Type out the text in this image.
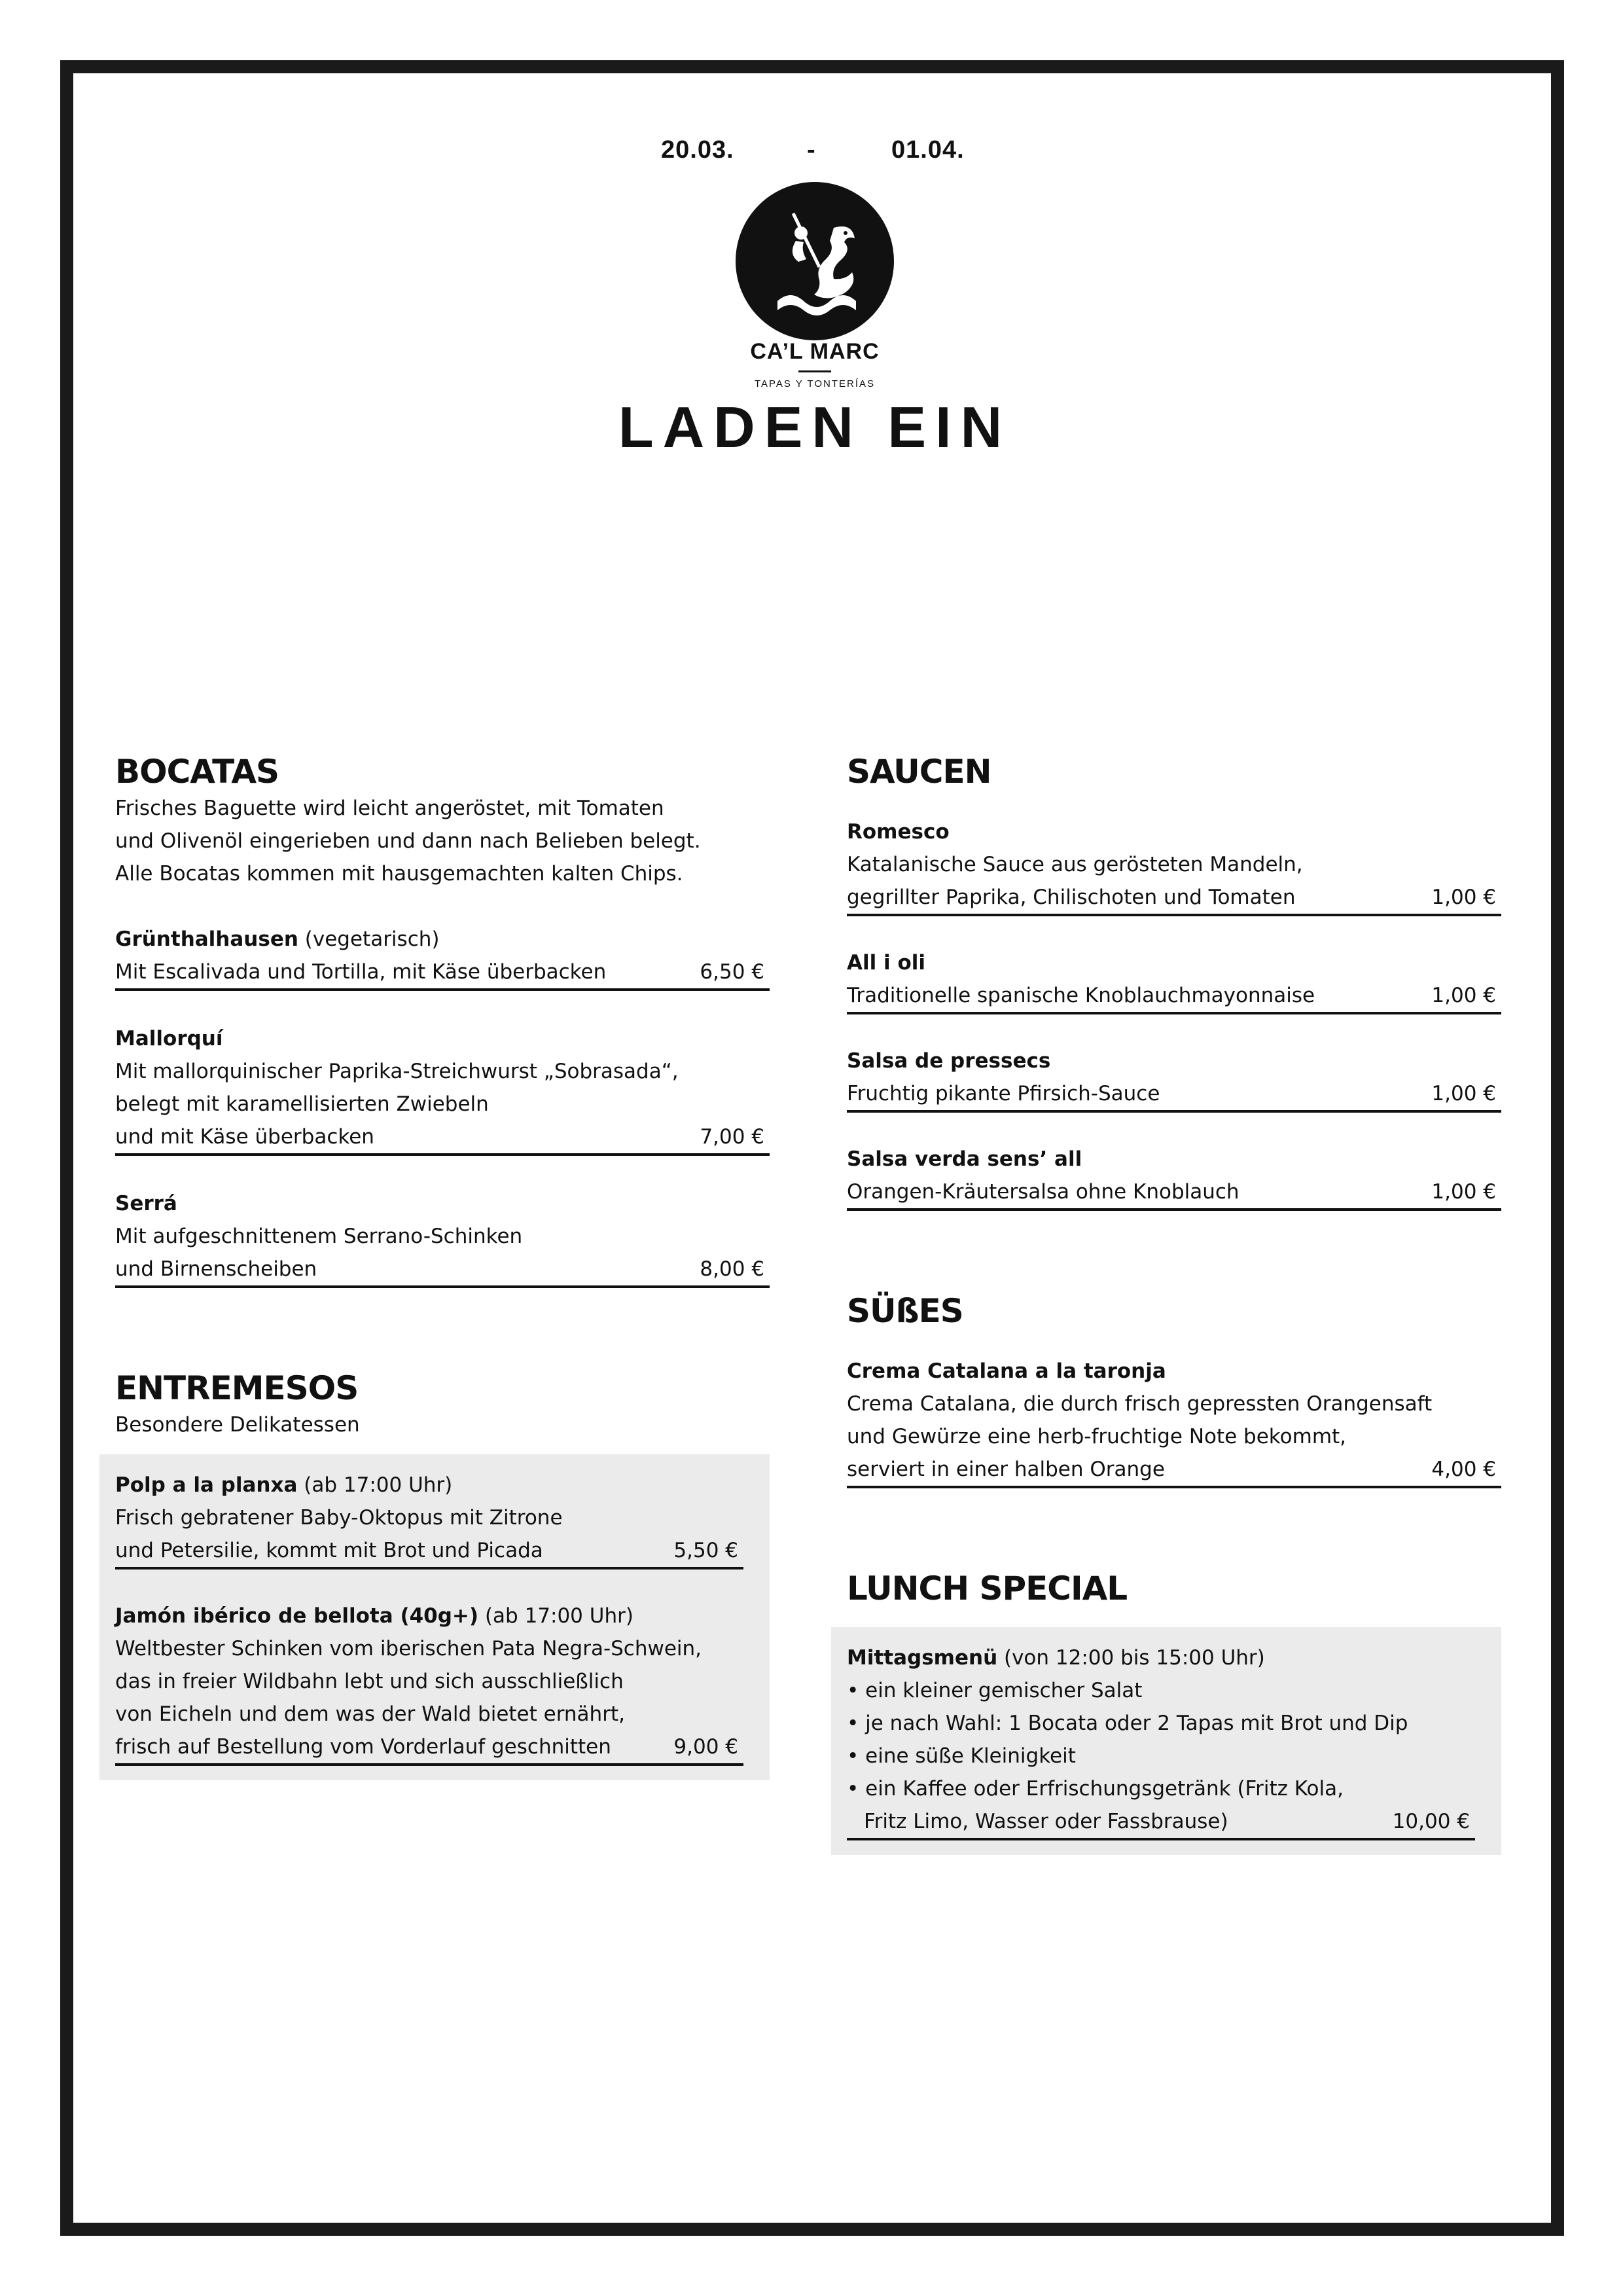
20.03.	-	01.04.
CA’L MARC
TAPAS Y TONTERÍAS
LADEN EIN
BOCATAS

Frisches Baguette wird leicht angeröstet, mit Tomaten

und Olivenöl eingerieben und dann nach Belieben belegt.

Alle Bocatas kommen mit hausgemachten kalten Chips.

Grünthalhausen (vegetarisch)
Mit Escalivada und Tortilla, mit Käse überbacken	6,50 €
Mallorquí
Mit mallorquinischer Paprika-Streichwurst „Sobrasada“,
belegt mit karamellisierten Zwiebeln
und mit Käse überbacken	7,00 €
Serrá
Mit aufgeschnittenem Serrano-Schinken
und Birnenscheiben	8,00 €
ENTREMESOS

Besondere Delikatessen

Polp a la planxa (ab 17:00 Uhr)
Frisch gebratener Baby-Oktopus mit Zitrone
und Petersilie, kommt mit Brot und Picada	5,50 €
Jamón ibérico de bellota (40g+) (ab 17:00 Uhr)
Weltbester Schinken vom iberischen Pata Negra-Schwein,
das in freier Wildbahn lebt und sich ausschließlich
von Eicheln und dem was der Wald bietet ernährt,
frisch auf Bestellung vom Vorderlauf geschnitten	9,00 €
SAUCEN
Romesco
Katalanische Sauce aus gerösteten Mandeln,
gegrillter Paprika, Chilischoten und Tomaten	1,00 €
All i oli
Traditionelle spanische Knoblauchmayonnaise	1,00 €
Salsa de pressecs
Fruchtig pikante Pfirsich-Sauce	1,00 €
Salsa verda sens’ all
Orangen-Kräutersalsa ohne Knoblauch	1,00 €
SÜßES
Crema Catalana a la taronja
Crema Catalana, die durch frisch gepressten Orangensaft
und Gewürze eine herb-fruchtige Note bekommt,
serviert in einer halben Orange	4,00 €
LUNCH SPECIAL
Mittagsmenü (von 12:00 bis 15:00 Uhr)
• ein kleiner gemischer Salat
• je nach Wahl: 1 Bocata oder 2 Tapas mit Brot und Dip
• eine süße Kleinigkeit
• ein Kaffee oder Erfrischungsgetränk (Fritz Kola,
Fritz Limo, Wasser oder Fassbrause)	10,00 €
